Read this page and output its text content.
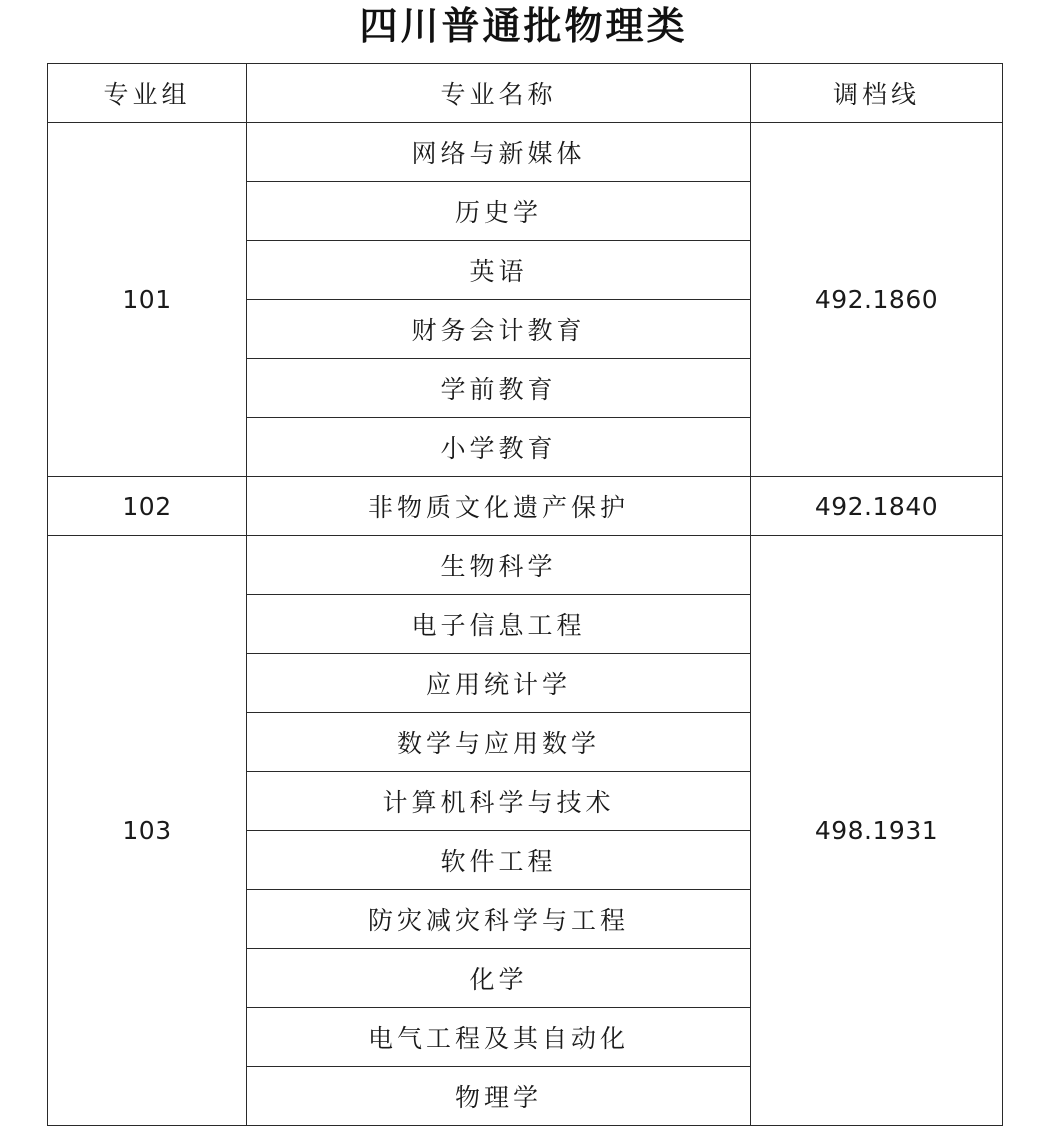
四川普通批物理类
专业组	专业名称	调档线
101	网络与新媒体	492.1860
	历史学	
	英语	
	财务会计教育	
	学前教育	
	小学教育	
102	非物质文化遗产保护	492.1840
103	生物科学	498.1931
	电子信息工程	
	应用统计学	
	数学与应用数学	
	计算机科学与技术	
	软件工程	
	防灾减灾科学与工程	
	化学	
	电气工程及其自动化	
	物理学	
